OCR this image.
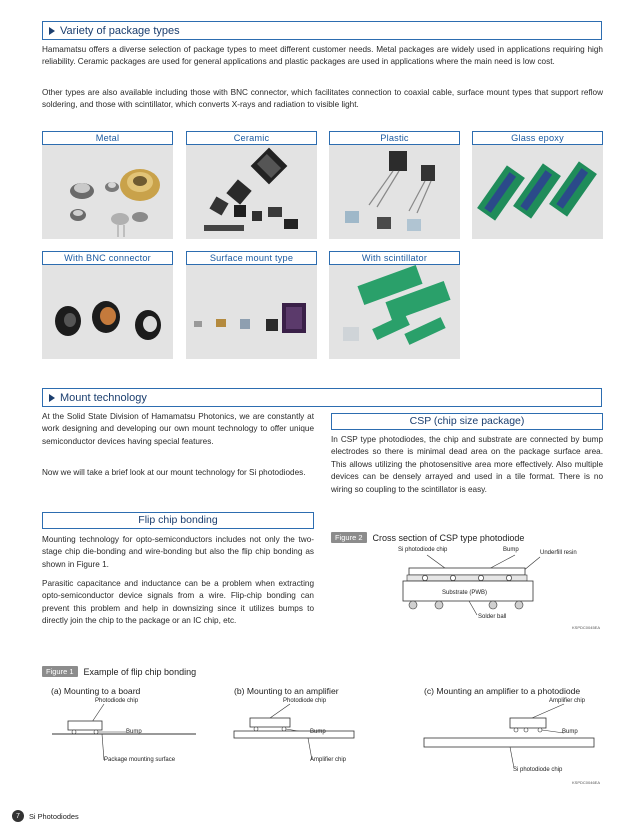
Variety of package types

Hamamatsu offers a diverse selection of package types to meet different customer needs. Metal packages are widely used in applications requiring high reliability. Ceramic packages are used for general applications and plastic packages are used in applications where the main need is low cost.

Other types are also available including those with BNC connector, which facilitates connection to coaxial cable, surface mount types that support reflow soldering, and those with scintillator, which converts X-rays and radiation to visible light.

Metal	Ceramic	Plastic	Glass epoxy
With BNC connector	Surface mount type	With scintillator
Mount technology

At the Solid State Division of Hamamatsu Photonics, we are constantly at work designing and developing our own mount technology to offer unique semiconductor devices having special features.

Now we will take a brief look at our mount technology for Si photodiodes.

Flip chip bonding

Mounting technology for opto-semiconductors includes not only the two-stage chip die-bonding and wire-bonding but also the flip chip bonding as shown in Figure 1.

Parasitic capacitance and inductance can be a problem when extracting opto-semiconductor device signals from a wire. Flip-chip bonding can prevent this problem and help in downsizing since it utilizes bumps to directly join the chip to the package or an IC chip, etc.

CSP (chip size package)

In CSP type photodiodes, the chip and substrate are connected by bump electrodes so there is minimal dead area on the package surface area. This allows utilizing the photosensitive area more effectively. Also multiple devices can be densely arrayed and used in a tile format. There is no wiring so coupling to the scintillator is easy.

Figure 2	Cross section of CSP type photodiode
Si photodiode chip	Bump	Underfill resin
Substrate (PWB)
Solder ball
KSPDC0045EA
Figure 1	Example of flip chip bonding
(a) Mounting to a board
Photodiode chip
Bump
Package mounting surface
(b) Mounting to an amplifier
Photodiode chip
Bump
Amplifier chip
(c) Mounting an amplifier to a photodiode
Amplifier chip
Bump
Si photodiode chip
KSPDC0046EA
7	Si Photodiodes
